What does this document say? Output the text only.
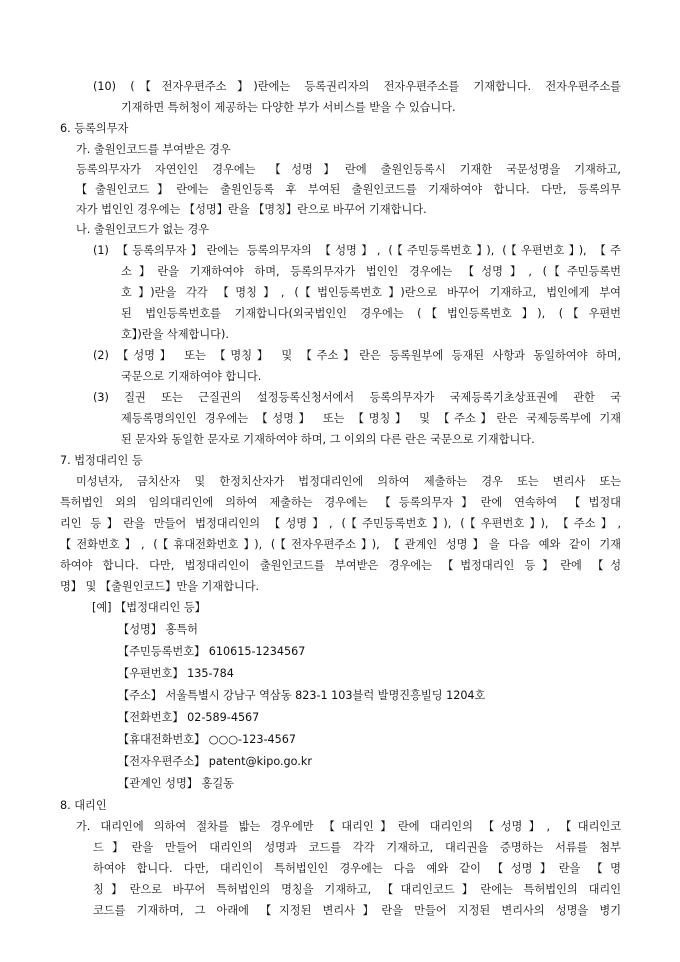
(10) (【전자우편주소】)란에는 등록권리자의 전자우편주소를 기재합니다. 전자우편주소를
기재하면 특허청이 제공하는 다양한 부가 서비스를 받을 수 있습니다.
6. 등록의무자
가. 출원인코드를 부여받은 경우
등록의무자가 자연인인 경우에는 【성명】란에 출원인등록시 기재한 국문성명을 기재하고,
【출원인코드】란에는 출원인등록 후 부여된 출원인코드를 기재하여야 합니다. 다만, 등록의무
자가 법인인 경우에는 【성명】란을 【명칭】란으로 바꾸어 기재합니다.
나. 출원인코드가 없는 경우
(1) 【등록의무자】란에는 등록의무자의 【성명】, (【주민등록번호】), (【우편번호】), 【주
소】란을 기재하여야 하며, 등록의무자가 법인인 경우에는 【성명】, (【주민등록번
호】)란을 각각 【명칭】, (【법인등록번호】)란으로 바꾸어 기재하고, 법인에게 부여
된 법인등록번호를 기재합니다(외국법인인 경우에는 (【법인등록번호】), (【우편번
호】)란을 삭제합니다).
(2) 【성명】 또는 【명칭】 및 【주소】란은 등록원부에 등재된 사항과 동일하여야 하며,
국문으로 기재하여야 합니다.
(3) 질권 또는 근질권의 설정등록신청서에서 등록의무자가 국제등록기초상표권에 관한 국
제등록명의인인 경우에는 【성명】 또는 【명칭】 및 【주소】란은 국제등록부에 기재
된 문자와 동일한 문자로 기재하여야 하며, 그 이외의 다른 란은 국문으로 기재합니다.
7. 법정대리인 등
미성년자, 금치산자 및 한정치산자가 법정대리인에 의하여 제출하는 경우 또는 변리사 또는
특허법인 외의 임의대리인에 의하여 제출하는 경우에는 【등록의무자】란에 연속하여 【법정대
리인 등】란을 만들어 법정대리인의 【성명】, (【주민등록번호】), (【우편번호】), 【주소】,
【전화번호】, (【휴대전화번호】), (【전자우편주소】), 【관계인 성명】을 다음 예와 같이 기재
하여야 합니다. 다만, 법정대리인이 출원인코드를 부여받은 경우에는 【법정대리인 등】란에 【성
명】 및 【출원인코드】만을 기재합니다.
[예] 【법정대리인 등】
【성명】 홍특허
【주민등록번호】 610615-1234567
【우편번호】 135-784
【주소】 서울특별시 강남구 역삼동 823-1 103블럭 발명진흥빌딩 1204호
【전화번호】 02-589-4567
【휴대전화번호】 ○○○-123-4567
【전자우편주소】 patent@kipo.go.kr
【관계인 성명】 홍길동
8. 대리인
가. 대리인에 의하여 절차를 밟는 경우에만 【대리인】란에 대리인의 【성명】, 【대리인코
드】란을 만들어 대리인의 성명과 코드를 각각 기재하고, 대리권을 증명하는 서류를 첨부
하여야 합니다. 다만, 대리인이 특허법인인 경우에는 다음 예와 같이 【성명】란을 【명
칭】란으로 바꾸어 특허법인의 명칭을 기재하고, 【대리인코드】란에는 특허법인의 대리인
코드를 기재하며, 그 아래에 【지정된 변리사】란을 만들어 지정된 변리사의 성명을 병기
